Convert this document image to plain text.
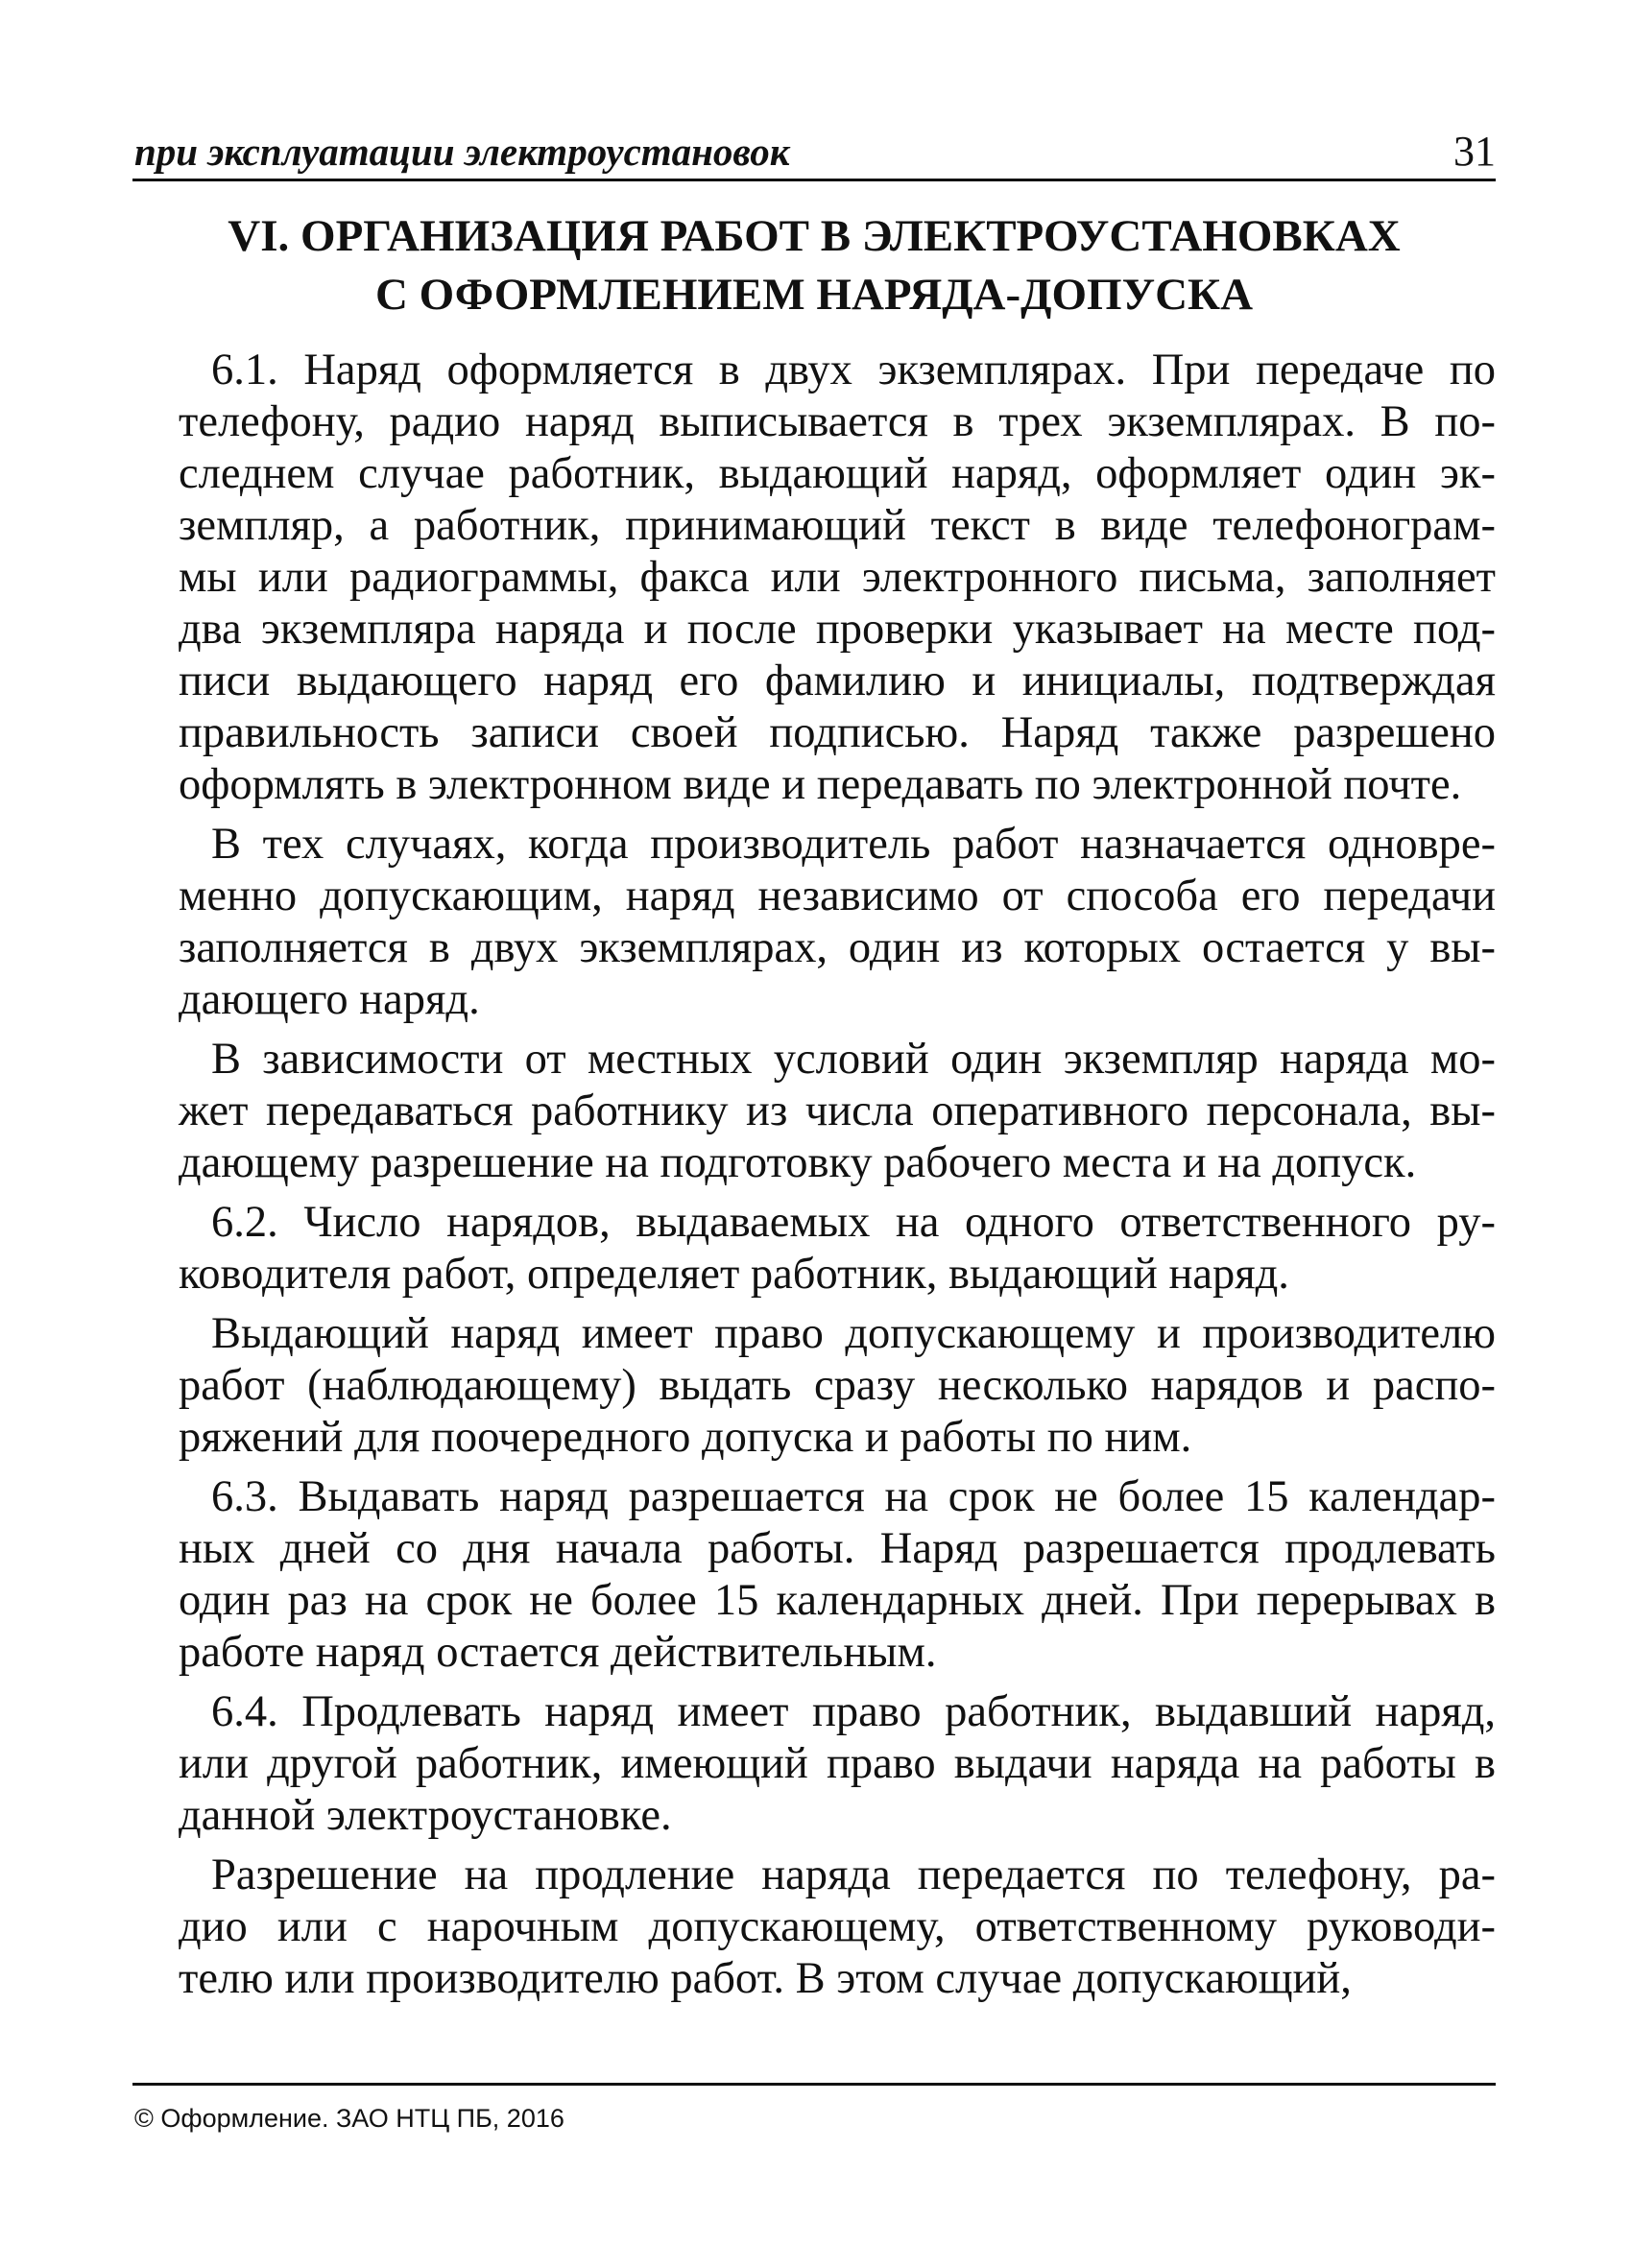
при эксплуатации электроустановок	31
VI. ОРГАНИЗАЦИЯ РАБОТ В ЭЛЕКТРОУСТАНОВКАХ
С ОФОРМЛЕНИЕМ НАРЯДА-ДОПУСКА
6.1. Наряд оформляется в двух экземплярах. При передаче по
телефону, радио наряд выписывается в трех экземплярах. В по-
следнем случае работник, выдающий наряд, оформляет один эк-
земпляр, а работник, принимающий текст в виде телефонограм-
мы или радиограммы, факса или электронного письма, заполняет
два экземпляра наряда и после проверки указывает на месте под-
писи выдающего наряд его фамилию и инициалы, подтверждая
правильность записи своей подписью. Наряд также разрешено
оформлять в электронном виде и передавать по электронной почте.
В тех случаях, когда производитель работ назначается одновре-
менно допускающим, наряд независимо от способа его передачи
заполняется в двух экземплярах, один из которых остается у вы-
дающего наряд.
В зависимости от местных условий один экземпляр наряда мо-
жет передаваться работнику из числа оперативного персонала, вы-
дающему разрешение на подготовку рабочего места и на допуск.
6.2. Число нарядов, выдаваемых на одного ответственного ру-
ководителя работ, определяет работник, выдающий наряд.
Выдающий наряд имеет право допускающему и производителю
работ (наблюдающему) выдать сразу несколько нарядов и распо-
ряжений для поочередного допуска и работы по ним.
6.3. Выдавать наряд разрешается на срок не более 15 календар-
ных дней со дня начала работы. Наряд разрешается продлевать
один раз на срок не более 15 календарных дней. При перерывах в
работе наряд остается действительным.
6.4. Продлевать наряд имеет право работник, выдавший наряд,
или другой работник, имеющий право выдачи наряда на работы в
данной электроустановке.
Разрешение на продление наряда передается по телефону, ра-
дио или с нарочным допускающему, ответственному руководи-
телю или производителю работ. В этом случае допускающий,
© Оформление. ЗАО НТЦ ПБ, 2016
